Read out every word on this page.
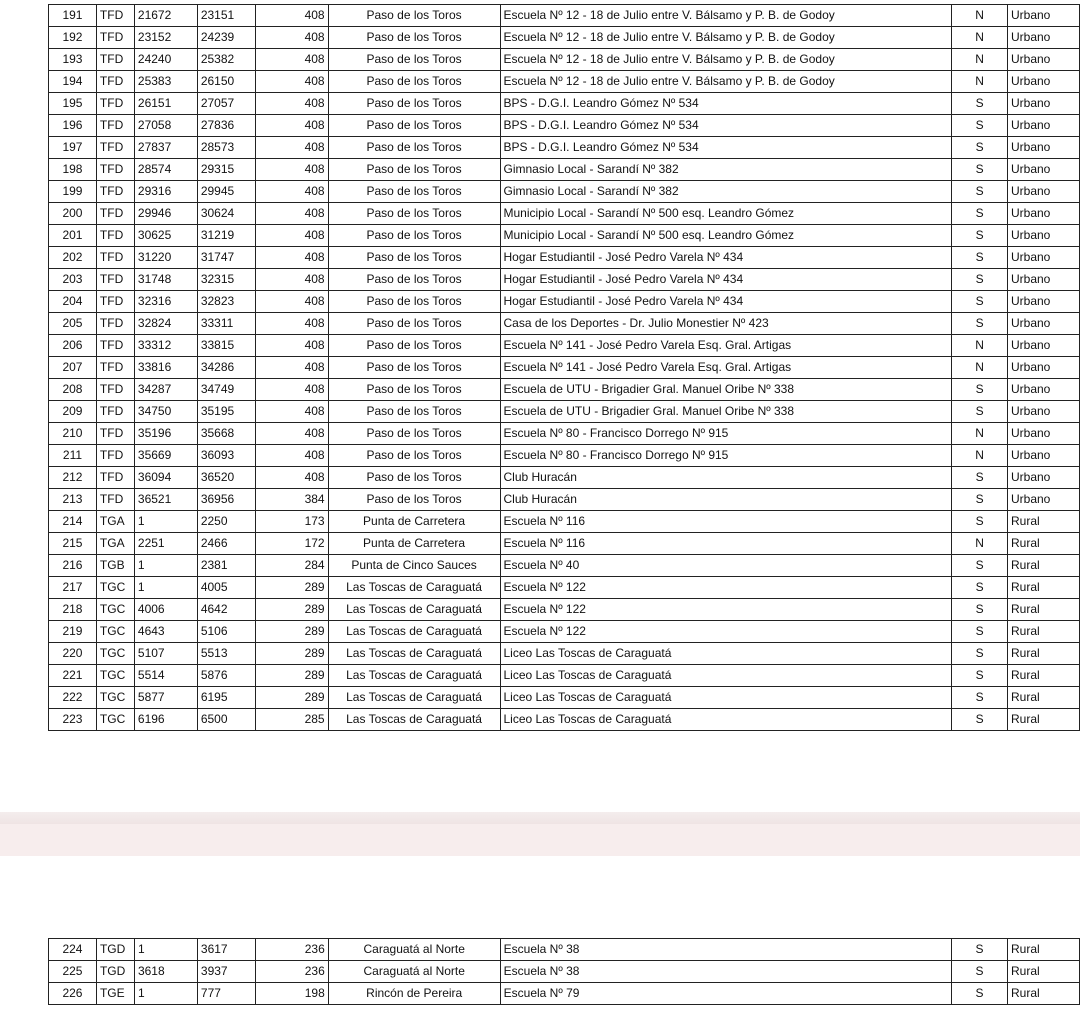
191	TFD	21672	23151	408	Paso de los Toros	Escuela Nº 12 - 18 de Julio entre V. Bálsamo y P. B. de Godoy	N	Urbano
192	TFD	23152	24239	408	Paso de los Toros	Escuela Nº 12 - 18 de Julio entre V. Bálsamo y P. B. de Godoy	N	Urbano
193	TFD	24240	25382	408	Paso de los Toros	Escuela Nº 12 - 18 de Julio entre V. Bálsamo y P. B. de Godoy	N	Urbano
194	TFD	25383	26150	408	Paso de los Toros	Escuela Nº 12 - 18 de Julio entre V. Bálsamo y P. B. de Godoy	N	Urbano
195	TFD	26151	27057	408	Paso de los Toros	BPS - D.G.I. Leandro Gómez Nº 534	S	Urbano
196	TFD	27058	27836	408	Paso de los Toros	BPS - D.G.I. Leandro Gómez Nº 534	S	Urbano
197	TFD	27837	28573	408	Paso de los Toros	BPS - D.G.I. Leandro Gómez Nº 534	S	Urbano
198	TFD	28574	29315	408	Paso de los Toros	Gimnasio Local - Sarandí Nº 382	S	Urbano
199	TFD	29316	29945	408	Paso de los Toros	Gimnasio Local - Sarandí Nº 382	S	Urbano
200	TFD	29946	30624	408	Paso de los Toros	Municipio Local - Sarandí Nº 500 esq. Leandro Gómez	S	Urbano
201	TFD	30625	31219	408	Paso de los Toros	Municipio Local - Sarandí Nº 500 esq. Leandro Gómez	S	Urbano
202	TFD	31220	31747	408	Paso de los Toros	Hogar Estudiantil - José Pedro Varela Nº 434	S	Urbano
203	TFD	31748	32315	408	Paso de los Toros	Hogar Estudiantil - José Pedro Varela Nº 434	S	Urbano
204	TFD	32316	32823	408	Paso de los Toros	Hogar Estudiantil - José Pedro Varela Nº 434	S	Urbano
205	TFD	32824	33311	408	Paso de los Toros	Casa de los Deportes - Dr. Julio Monestier Nº 423	S	Urbano
206	TFD	33312	33815	408	Paso de los Toros	Escuela Nº 141 - José Pedro Varela Esq. Gral. Artigas	N	Urbano
207	TFD	33816	34286	408	Paso de los Toros	Escuela Nº 141 - José Pedro Varela Esq. Gral. Artigas	N	Urbano
208	TFD	34287	34749	408	Paso de los Toros	Escuela de UTU - Brigadier Gral. Manuel Oribe Nº 338	S	Urbano
209	TFD	34750	35195	408	Paso de los Toros	Escuela de UTU - Brigadier Gral. Manuel Oribe Nº 338	S	Urbano
210	TFD	35196	35668	408	Paso de los Toros	Escuela Nº 80 - Francisco Dorrego Nº 915	N	Urbano
211	TFD	35669	36093	408	Paso de los Toros	Escuela Nº 80 - Francisco Dorrego Nº 915	N	Urbano
212	TFD	36094	36520	408	Paso de los Toros	Club Huracán	S	Urbano
213	TFD	36521	36956	384	Paso de los Toros	Club Huracán	S	Urbano
214	TGA	1	2250	173	Punta de Carretera	Escuela Nº 116	S	Rural
215	TGA	2251	2466	172	Punta de Carretera	Escuela Nº 116	N	Rural
216	TGB	1	2381	284	Punta de Cinco Sauces	Escuela Nº 40	S	Rural
217	TGC	1	4005	289	Las Toscas de Caraguatá	Escuela Nº 122	S	Rural
218	TGC	4006	4642	289	Las Toscas de Caraguatá	Escuela Nº 122	S	Rural
219	TGC	4643	5106	289	Las Toscas de Caraguatá	Escuela Nº 122	S	Rural
220	TGC	5107	5513	289	Las Toscas de Caraguatá	Liceo Las Toscas de Caraguatá	S	Rural
221	TGC	5514	5876	289	Las Toscas de Caraguatá	Liceo Las Toscas de Caraguatá	S	Rural
222	TGC	5877	6195	289	Las Toscas de Caraguatá	Liceo Las Toscas de Caraguatá	S	Rural
223	TGC	6196	6500	285	Las Toscas de Caraguatá	Liceo Las Toscas de Caraguatá	S	Rural
224	TGD	1	3617	236	Caraguatá al Norte	Escuela Nº 38	S	Rural
225	TGD	3618	3937	236	Caraguatá al Norte	Escuela Nº 38	S	Rural
226	TGE	1	777	198	Rincón de Pereira	Escuela Nº 79	S	Rural
